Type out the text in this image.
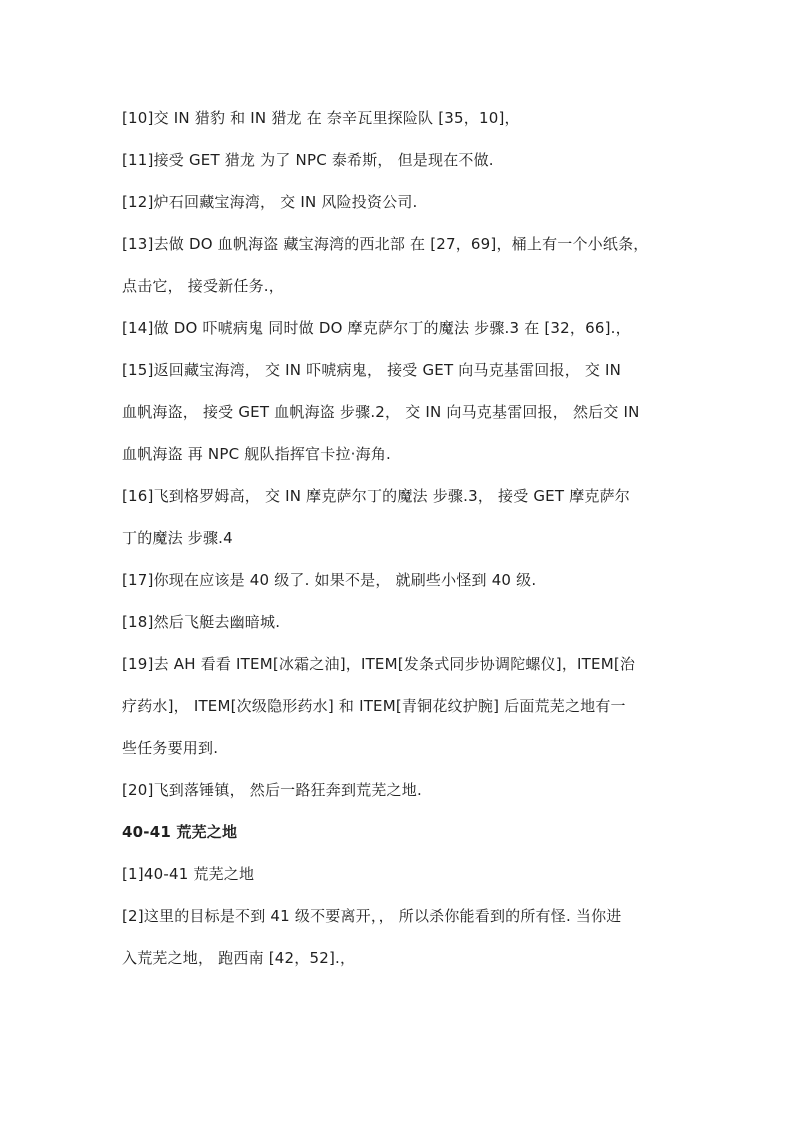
[10]交 IN 猎豹 和 IN 猎龙 在 奈辛瓦里探险队 [35，10]，
[11]接受 GET 猎龙 为了 NPC 泰希斯， 但是现在不做.
[12]炉石回藏宝海湾， 交 IN 风险投资公司.
[13]去做 DO 血帆海盗 藏宝海湾的西北部 在 [27，69]，桶上有一个小纸条，
点击它， 接受新任务.，
[14]做 DO 吓唬病鬼 同时做 DO 摩克萨尔丁的魔法 步骤.3 在 [32，66].，
[15]返回藏宝海湾， 交 IN 吓唬病鬼， 接受 GET 向马克基雷回报， 交 IN
血帆海盗， 接受 GET 血帆海盗 步骤.2， 交 IN 向马克基雷回报， 然后交 IN
血帆海盗 再 NPC 舰队指挥官卡拉·海角.
[16]飞到格罗姆高， 交 IN 摩克萨尔丁的魔法 步骤.3， 接受 GET 摩克萨尔
丁的魔法 步骤.4
[17]你现在应该是 40 级了. 如果不是， 就刷些小怪到 40 级.
[18]然后飞艇去幽暗城.
[19]去 AH 看看 ITEM[冰霜之油]，ITEM[发条式同步协调陀螺仪]，ITEM[治
疗药水]， ITEM[次级隐形药水] 和 ITEM[青铜花纹护腕] 后面荒芜之地有一
些任务要用到.
[20]飞到落锤镇， 然后一路狂奔到荒芜之地.
40-41 荒芜之地
[1]40-41 荒芜之地
[2]这里的目标是不到 41 级不要离开，， 所以杀你能看到的所有怪. 当你进
入荒芜之地， 跑西南 [42，52].，
